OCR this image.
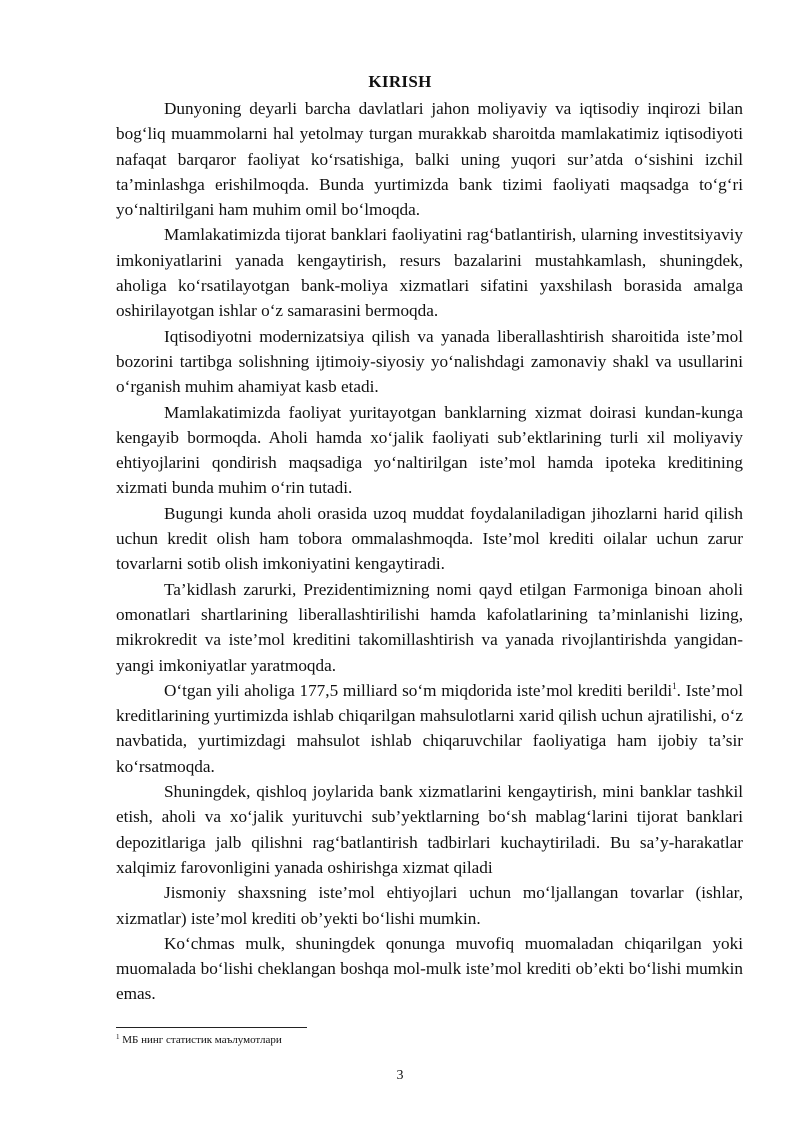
KIRISH

Dunyoning deyarli barcha davlatlari jahon moliyaviy va iqtisodiy inqirozi bilan bog‘liq muammolarni hal yetolmay turgan murakkab sharoitda mamlakatimiz iqtisodiyoti nafaqat barqaror faoliyat ko‘rsatishiga, balki uning yuqori sur’atda o‘sishini izchil ta’minlashga erishilmoqda. Bunda yurtimizda bank tizimi faoliyati maqsadga to‘g‘ri yo‘naltirilgani ham muhim omil bo‘lmoqda.

Mamlakatimizda tijorat banklari faoliyatini rag‘batlantirish, ularning investitsiyaviy imkoniyatlarini yanada kengaytirish, resurs bazalarini mustahkamlash, shuningdek, aholiga ko‘rsatilayotgan bank-moliya xizmatlari sifatini yaxshilash borasida amalga oshirilayotgan ishlar o‘z samarasini bermoqda.

Iqtisodiyotni modernizatsiya qilish va yanada liberallashtirish sharoitida iste’mol bozorini tartibga solishning ijtimoiy-siyosiy yo‘nalishdagi zamonaviy shakl va usullarini o‘rganish muhim ahamiyat kasb etadi.

Mamlakatimizda faoliyat yuritayotgan banklarning xizmat doirasi kundan-kunga kengayib bormoqda. Aholi hamda xo‘jalik faoliyati sub’ektlarining turli xil moliyaviy ehtiyojlarini qondirish maqsadiga yo‘naltirilgan iste’mol hamda ipoteka kreditining xizmati bunda muhim o‘rin tutadi.

Bugungi kunda aholi orasida uzoq muddat foydalaniladigan jihozlarni harid qilish uchun kredit olish ham tobora ommalashmoqda. Iste’mol krediti oilalar uchun zarur tovarlarni sotib olish imkoniyatini kengaytiradi.

Ta’kidlash zarurki, Prezidentimizning nomi qayd etilgan Farmoniga binoan aholi omonatlari shartlarining liberallashtirilishi hamda kafolatlarining ta’minlanishi lizing, mikrokredit va iste’mol kreditini takomillashtirish va yanada rivojlantirishda yangidan-yangi imkoniyatlar yaratmoqda.

O‘tgan yili aholiga 177,5 milliard so‘m miqdorida iste’mol krediti berildi$^1$. Iste’mol kreditlarining yurtimizda ishlab chiqarilgan mahsulotlarni xarid qilish uchun ajratilishi, o‘z navbatida, yurtimizdagi mahsulot ishlab chiqaruvchilar faoliyatiga ham ijobiy ta’sir ko‘rsatmoqda.

Shuningdek, qishloq joylarida bank xizmatlarini kengaytirish, mini banklar tashkil etish, aholi va xo‘jalik yurituvchi sub’yektlarning bo‘sh mablag‘larini tijorat banklari depozitlariga jalb qilishni rag‘batlantirish tadbirlari kuchaytiriladi. Bu sa’y-harakatlar xalqimiz farovonligini yanada oshirishga xizmat qiladi

Jismoniy shaxsning iste’mol ehtiyojlari uchun mo‘ljallangan tovarlar (ishlar, xizmatlar) iste’mol krediti ob’yekti bo‘lishi mumkin.

Ko‘chmas mulk, shuningdek qonunga muvofiq muomaladan chiqarilgan yoki muomalada bo‘lishi cheklangan boshqa mol-mulk iste’mol krediti ob’ekti bo‘lishi mumkin emas.

$^1$ МБ нинг статистик маълумотлари
3
